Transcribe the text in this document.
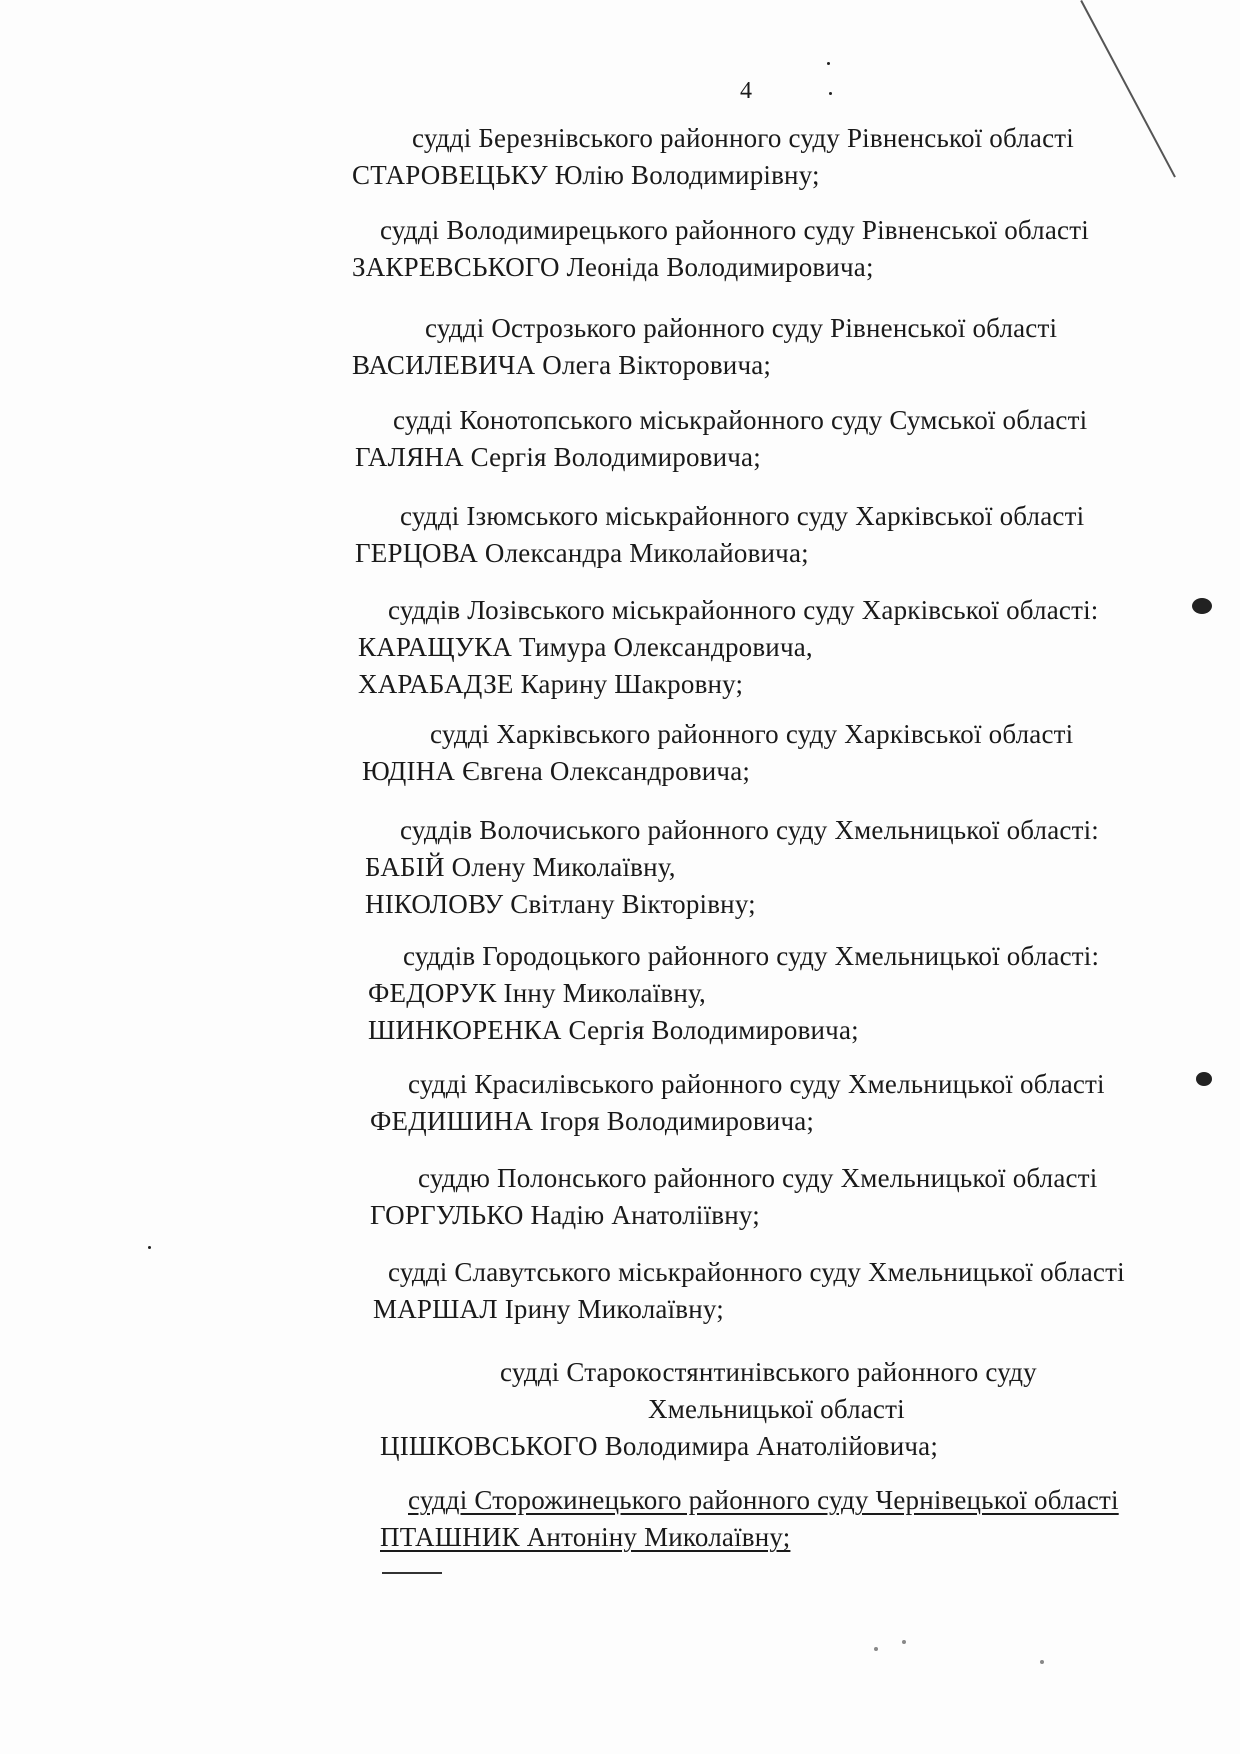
4
судді Березнівського районного суду Рівненської області
СТАРОВЕЦЬКУ Юлію Володимирівну;
судді Володимирецького районного суду Рівненської області
ЗАКРЕВСЬКОГО Леоніда Володимировича;
судді Острозького районного суду Рівненської області
ВАСИЛЕВИЧА Олега Вікторовича;
судді Конотопського міськрайонного суду Сумської області
ГАЛЯНА Сергія Володимировича;
судді Ізюмського міськрайонного суду Харківської області
ГЕРЦОВА Олександра Миколайовича;
суддів Лозівського міськрайонного суду Харківської області:
КАРАЩУКА Тимура Олександровича,
ХАРАБАДЗЕ Карину Шакровну;
судді Харківського районного суду Харківської області
ЮДІНА Євгена Олександровича;
суддів Волочиського районного суду Хмельницької області:
БАБІЙ Олену Миколаївну,
НІКОЛОВУ Світлану Вікторівну;
суддів Городоцького районного суду Хмельницької області:
ФЕДОРУК Інну Миколаївну,
ШИНКОРЕНКА Сергія Володимировича;
судді Красилівського районного суду Хмельницької області
ФЕДИШИНА Ігоря Володимировича;
суддю Полонського районного суду Хмельницької області
ГОРГУЛЬКО Надію Анатоліївну;
судді Славутського міськрайонного суду Хмельницької області
МАРШАЛ Ірину Миколаївну;
судді Старокостянтинівського районного суду
Хмельницької області
ЦІШКОВСЬКОГО Володимира Анатолійовича;
судді Сторожинецького районного суду Чернівецької області
ПТАШНИК Антоніну Миколаївну;
